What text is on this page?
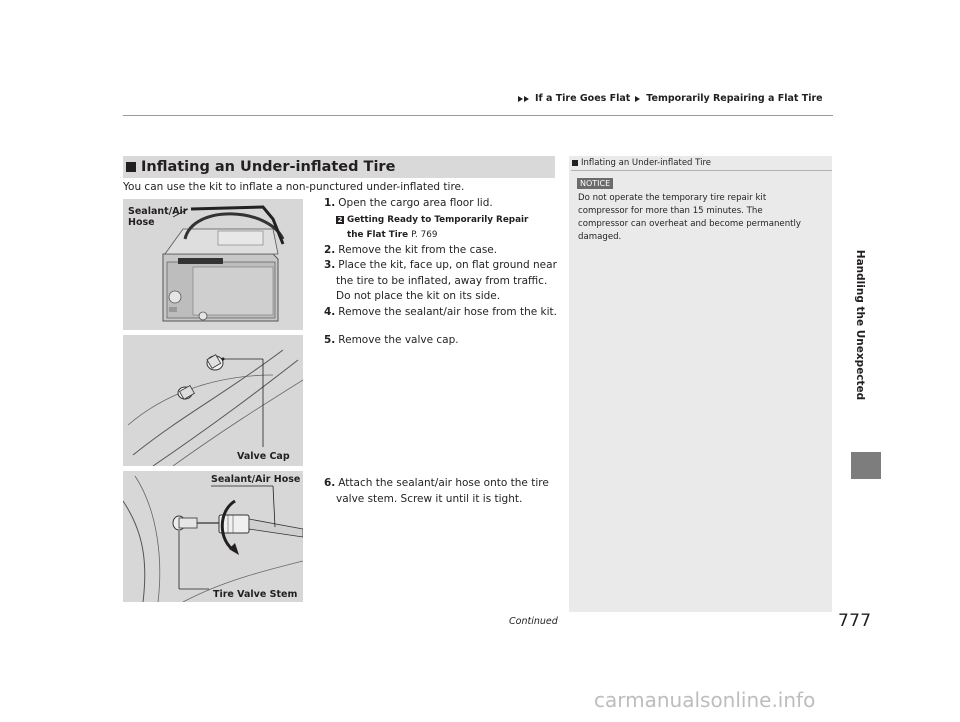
If a Tire Goes Flat Temporarily Repairing a Flat Tire
Handling the Unexpected
Inflating an Under-inflated Tire
You can use the kit to inflate a non-punctured under-inflated tire.
Sealant/Air
Hose
1. Open the cargo area floor lid.
2 Getting Ready to Temporarily Repair
the Flat Tire P. 769
2. Remove the kit from the case.
3. Place the kit, face up, on flat ground near
the tire to be inflated, away from traffic.
Do not place the kit on its side.
4. Remove the sealant/air hose from the kit.
Valve Cap
5. Remove the valve cap.
Sealant/Air Hose
Tire Valve Stem
6. Attach the sealant/air hose onto the tire
valve stem. Screw it until it is tight.
Inflating an Under-inflated Tire
NOTICE
Do not operate the temporary tire repair kit
compressor for more than 15 minutes. The
compressor can overheat and become permanently
damaged.
Continued	777
carmanualsonline.info
